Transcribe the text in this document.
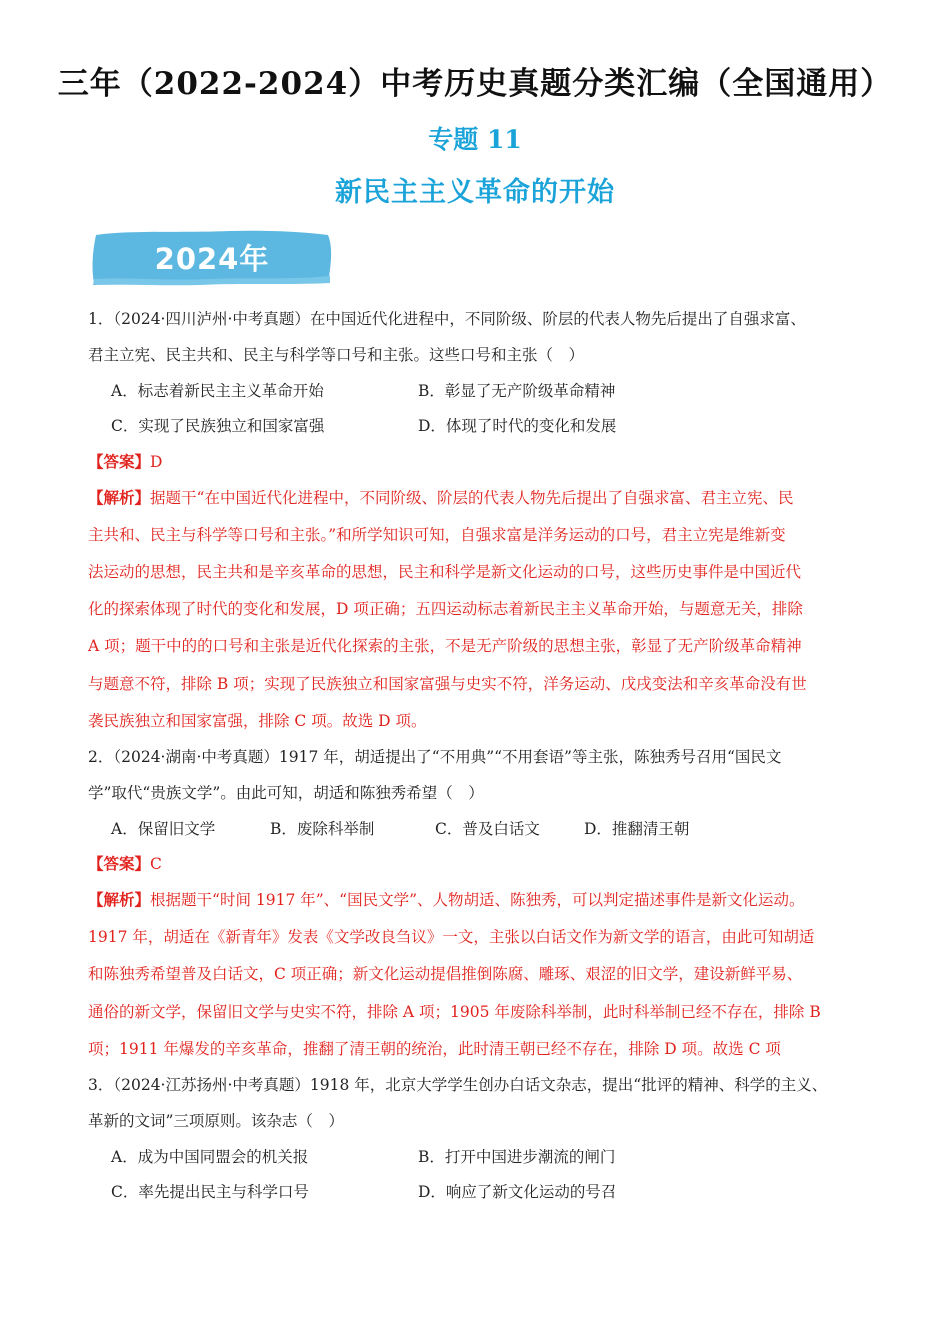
三年（2022-2024）中考历史真题分类汇编（全国通用）
专题 11
新民主主义革命的开始
2024年
1．（2024·四川泸州·中考真题）在中国近代化进程中，不同阶级、阶层的代表人物先后提出了自强求富、
君主立宪、民主共和、民主与科学等口号和主张。这些口号和主张（　）
A．标志着新民主主义革命开始	B．彰显了无产阶级革命精神
C．实现了民族独立和国家富强	D．体现了时代的变化和发展
【答案】D
【解析】据题干“在中国近代化进程中，不同阶级、阶层的代表人物先后提出了自强求富、君主立宪、民
主共和、民主与科学等口号和主张。”和所学知识可知，自强求富是洋务运动的口号，君主立宪是维新变
法运动的思想，民主共和是辛亥革命的思想，民主和科学是新文化运动的口号，这些历史事件是中国近代
化的探索体现了时代的变化和发展，D 项正确；五四运动标志着新民主主义革命开始，与题意无关，排除
A 项；题干中的的口号和主张是近代化探索的主张，不是无产阶级的思想主张，彰显了无产阶级革命精神
与题意不符，排除 B 项；实现了民族独立和国家富强与史实不符，洋务运动、戊戌变法和辛亥革命没有世
袭民族独立和国家富强，排除 C 项。故选 D 项。
2．（2024·湖南·中考真题）1917 年，胡适提出了“不用典”“不用套语”等主张，陈独秀号召用“国民文
学”取代“贵族文学”。由此可知，胡适和陈独秀希望（　）
A．保留旧文学	B．废除科举制	C．普及白话文	D．推翻清王朝
【答案】C
【解析】根据题干“时间 1917 年”、“国民文学”、人物胡适、陈独秀，可以判定描述事件是新文化运动。
1917 年，胡适在《新青年》发表《文学改良刍议》一文，主张以白话文作为新文学的语言，由此可知胡适
和陈独秀希望普及白话文，C 项正确；新文化运动提倡推倒陈腐、雕琢、艰涩的旧文学，建设新鲜平易、
通俗的新文学，保留旧文学与史实不符，排除 A 项；1905 年废除科举制，此时科举制已经不存在，排除 B
项；1911 年爆发的辛亥革命，推翻了清王朝的统治，此时清王朝已经不存在，排除 D 项。故选 C 项
3．（2024·江苏扬州·中考真题）1918 年，北京大学学生创办白话文杂志，提出“批评的精神、科学的主义、
革新的文词”三项原则。该杂志（　）
A．成为中国同盟会的机关报	B．打开中国进步潮流的闸门
C．率先提出民主与科学口号	D．响应了新文化运动的号召
